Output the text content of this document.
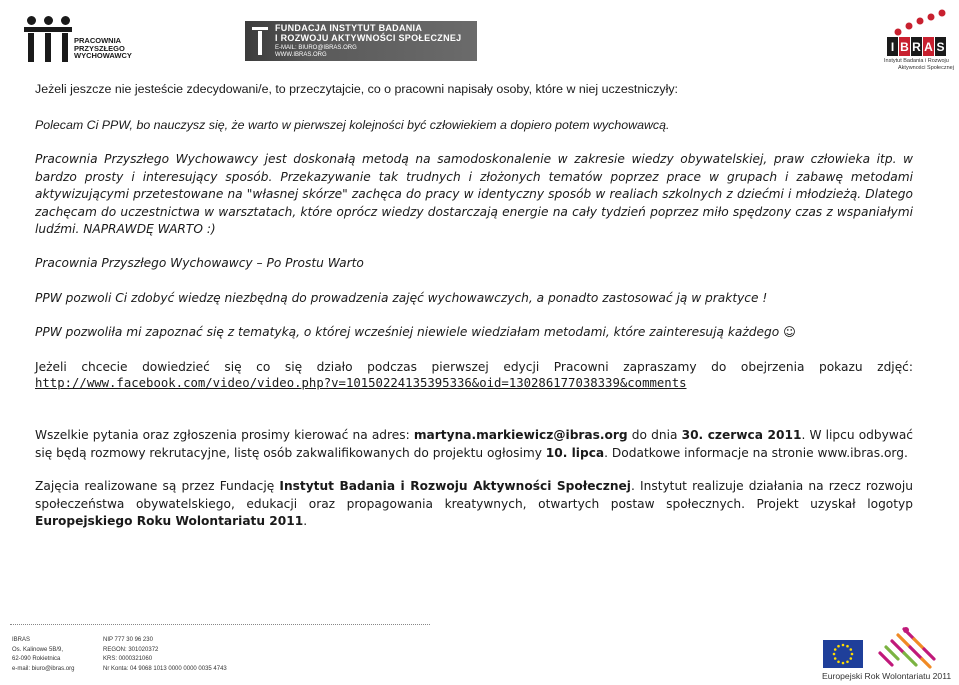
PRACOWNIA
PRZYSZŁEGO
WYCHOWAWCY
FUNDACJA INSTYTUT BADANIA
I ROZWOJU AKTYWNOŚCI SPOŁECZNEJ
E-MAIL: BIURO@IBRAS.ORG
WWW.IBRAS.ORG
I B R A S
Instytut Badania i Rozwoju
Aktywności Społecznej
Jeżeli jeszcze nie jesteście zdecydowani/e, to przeczytajcie, co o pracowni napisały osoby, które w niej uczestniczyły:
Polecam Ci PPW, bo nauczysz się, że warto w pierwszej kolejności być człowiekiem a dopiero potem wychowawcą.
Pracownia Przyszłego Wychowawcy jest doskonałą metodą na samodoskonalenie w zakresie wiedzy obywatelskiej, praw człowieka itp. w bardzo prosty i interesujący sposób. Przekazywanie tak trudnych i złożonych tematów poprzez prace w grupach i zabawę metodami aktywizującymi przetestowane na "własnej skórze" zachęca do pracy w identyczny sposób w realiach szkolnych z dziećmi i młodzieżą. Dlatego zachęcam do uczestnictwa w warsztatach, które oprócz wiedzy dostarczają energie na cały tydzień poprzez miło spędzony czas z wspaniałymi ludźmi. NAPRAWDĘ WARTO :)
Pracownia Przyszłego Wychowawcy – Po Prostu Warto
PPW pozwoli Ci zdobyć wiedzę niezbędną do prowadzenia zajęć wychowawczych, a ponadto zastosować ją w praktyce !
PPW pozwoliła mi zapoznać się z tematyką, o której wcześniej niewiele wiedziałam metodami, które zainteresują każdego ☺
Jeżeli chcecie dowiedzieć się co się działo podczas pierwszej edycji Pracowni zapraszamy do obejrzenia pokazu zdjęć:
http://www.facebook.com/video/video.php?v=10150224135395336&oid=130286177038339&comments
Wszelkie pytania oraz zgłoszenia prosimy kierować na adres: martyna.markiewicz@ibras.org do dnia 30. czerwca 2011. W lipcu odbywać się będą rozmowy rekrutacyjne, listę osób zakwalifikowanych do projektu ogłosimy 10. lipca. Dodatkowe informacje na stronie www.ibras.org.
Zajęcia realizowane są przez Fundację Instytut Badania i Rozwoju Aktywności Społecznej. Instytut realizuje działania na rzecz rozwoju społeczeństwa obywatelskiego, edukacji oraz propagowania kreatywnych, otwartych postaw społecznych. Projekt uzyskał logotyp Europejskiego Roku Wolontariatu 2011.
IBRAS
Os. Kalinowe 5B/9,
62-090 Rokietnica
e-mail: biuro@ibras.org
NIP 777 30 96 230
REGON: 301020372
KRS: 0000321060
Nr Konta: 04 9068 1013 0000 0000 0035 4743
Europejski Rok Wolontariatu 2011
